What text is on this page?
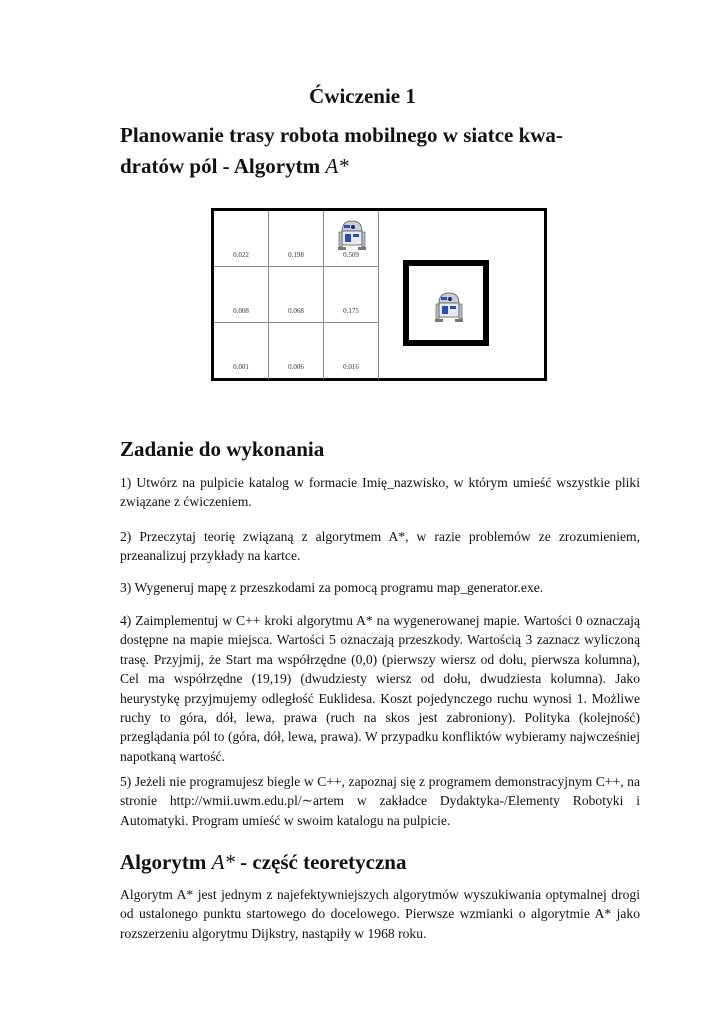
Ćwiczenie 1
Planowanie trasy robota mobilnego w siatce kwa-
dratów pól - Algorytm A*
0.022	0.198	0.509
0.008	0.068	0.175
0.001	0.006	0.016
Zadanie do wykonania

1) Utwórz na pulpicie katalog w formacie Imię_nazwisko, w którym umieść wszystkie pliki związane z ćwiczeniem.

2) Przeczytaj teorię związaną z algorytmem A*, w razie problemów ze zrozumieniem, przeanalizuj przykłady na kartce.

3) Wygeneruj mapę z przeszkodami za pomocą programu map_generator.exe.

4) Zaimplementuj w C++ kroki algorytmu A* na wygenerowanej mapie. Wartości 0 oznaczają dostępne na mapie miejsca. Wartości 5 oznaczają przeszkody. Wartością 3 zaznacz wyliczoną trasę. Przyjmij, że Start ma współrzędne (0,0) (pierwszy wiersz od dołu, pierwsza kolumna), Cel ma współrzędne (19,19) (dwudziesty wiersz od dołu, dwudziesta kolumna). Jako heurystykę przyjmujemy odległość Euklidesa. Koszt pojedynczego ruchu wynosi 1. Możliwe ruchy to góra, dół, lewa, prawa (ruch na skos jest zabroniony). Polityka (kolejność) przeglądania pól to (góra, dół, lewa, prawa). W przypadku konfliktów wybieramy najwcześniej napotkaną wartość.

5) Jeżeli nie programujesz biegle w C++, zapoznaj się z programem demonstracyjnym C++, na stronie http://wmii.uwm.edu.pl/∼artem w zakładce Dydaktyka-/Elementy Robotyki i Automatyki. Program umieść w swoim katalogu na pulpicie.

Algorytm A* - część teoretyczna

Algorytm A* jest jednym z najefektywniejszych algorytmów wyszukiwania optymalnej drogi od ustalonego punktu startowego do docelowego. Pierwsze wzmianki o algorytmie A* jako rozszerzeniu algorytmu Dijkstry, nastąpiły w 1968 roku.
